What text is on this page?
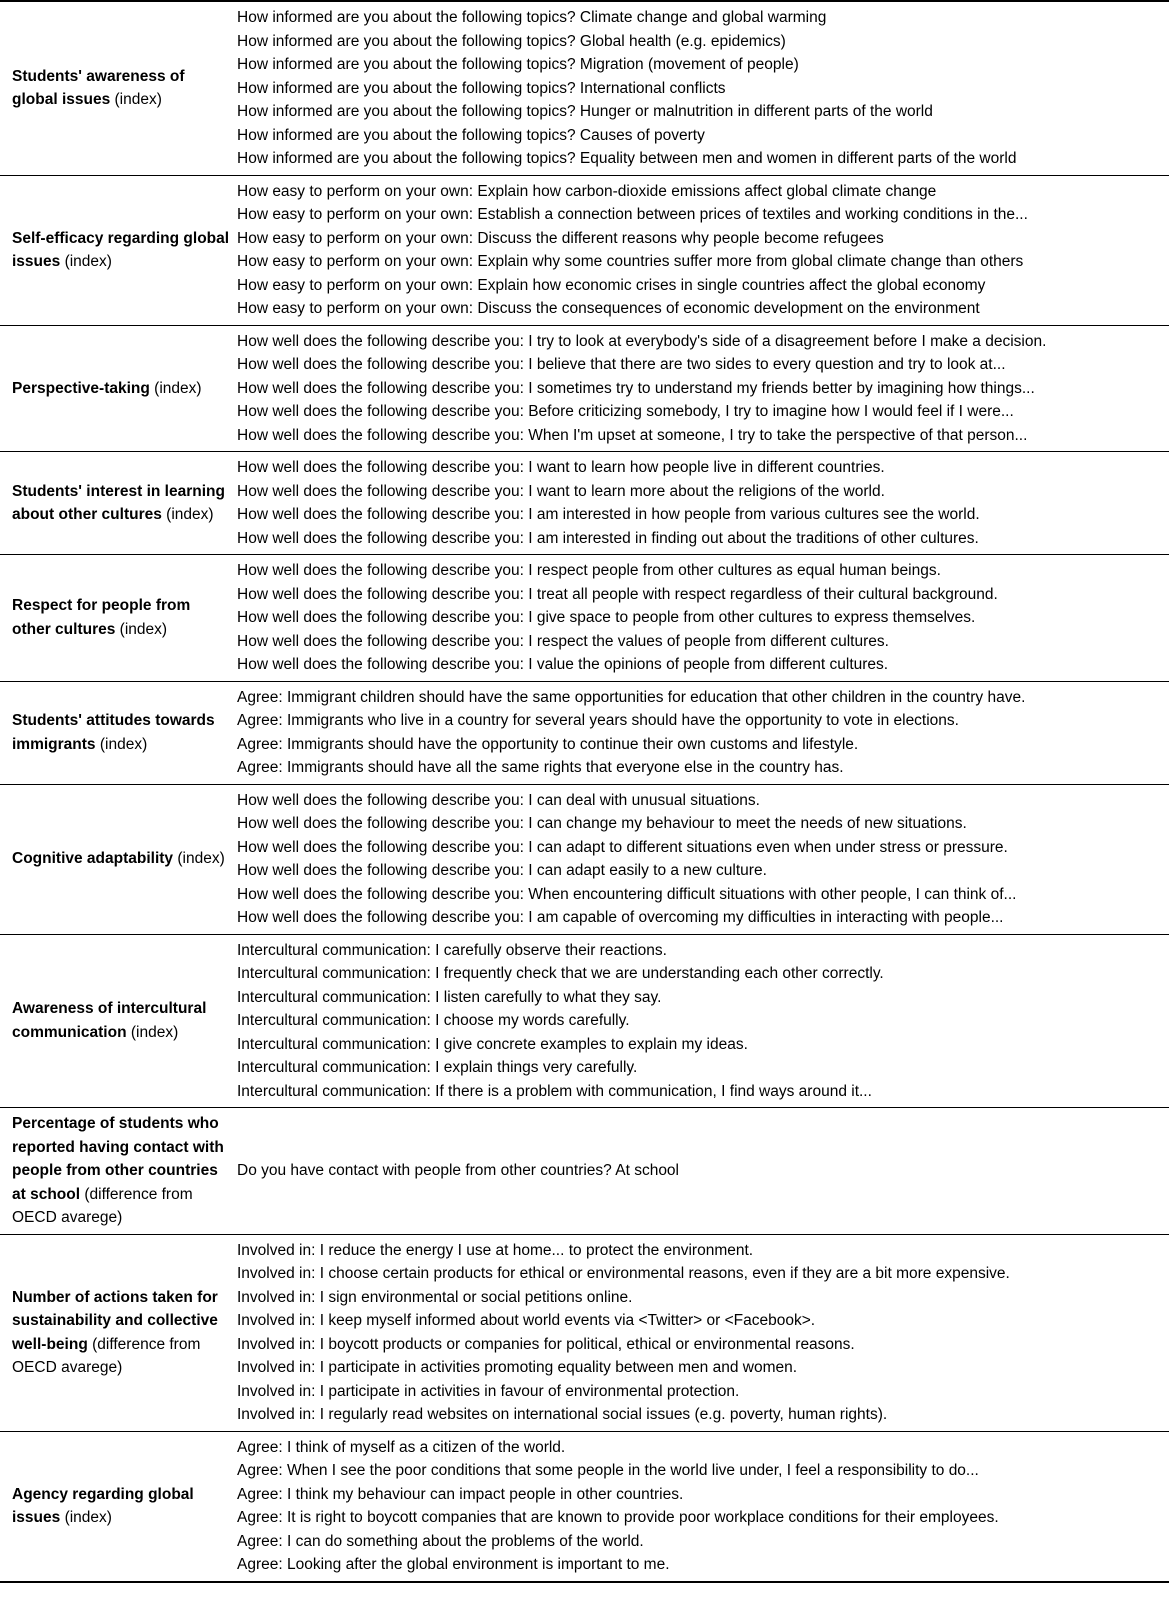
Students' awareness of global issues (index)
How informed are you about the following topics? Climate change and global warming
How informed are you about the following topics? Global health (e.g. epidemics)
How informed are you about the following topics? Migration (movement of people)
How informed are you about the following topics? International conflicts
How informed are you about the following topics? Hunger or malnutrition in different parts of the world
How informed are you about the following topics? Causes of poverty
How informed are you about the following topics? Equality between men and women in different parts of the world
Self-efficacy regarding global issues (index)
How easy to perform on your own: Explain how carbon-dioxide emissions affect global climate change
How easy to perform on your own: Establish a connection between prices of textiles and working conditions in the...
How easy to perform on your own: Discuss the different reasons why people become refugees
How easy to perform on your own: Explain why some countries suffer more from global climate change than others
How easy to perform on your own: Explain how economic crises in single countries affect the global economy
How easy to perform on your own: Discuss the consequences of economic development on the environment
Perspective-taking (index)
How well does the following describe you: I try to look at everybody's side of a disagreement before I make a decision.
How well does the following describe you: I believe that there are two sides to every question and try to look at...
How well does the following describe you: I sometimes try to understand my friends better by imagining how things...
How well does the following describe you: Before criticizing somebody, I try to imagine how I would feel if I were...
How well does the following describe you: When I'm upset at someone, I try to take the perspective of that person...
Students' interest in learning about other cultures (index)
How well does the following describe you: I want to learn how people live in different countries.
How well does the following describe you: I want to learn more about the religions of the world.
How well does the following describe you: I am interested in how people from various cultures see the world.
How well does the following describe you: I am interested in finding out about the traditions of other cultures.
Respect for people from other cultures (index)
How well does the following describe you: I respect people from other cultures as equal human beings.
How well does the following describe you: I treat all people with respect regardless of their cultural background.
How well does the following describe you: I give space to people from other cultures to express themselves.
How well does the following describe you: I respect the values of people from different cultures.
How well does the following describe you: I value the opinions of people from different cultures.
Students' attitudes towards immigrants (index)
Agree: Immigrant children should have the same opportunities for education that other children in the country have.
Agree: Immigrants who live in a country for several years should have the opportunity to vote in elections.
Agree: Immigrants should have the opportunity to continue their own customs and lifestyle.
Agree: Immigrants should have all the same rights that everyone else in the country has.
Cognitive adaptability (index)
How well does the following describe you: I can deal with unusual situations.
How well does the following describe you: I can change my behaviour to meet the needs of new situations.
How well does the following describe you: I can adapt to different situations even when under stress or pressure.
How well does the following describe you: I can adapt easily to a new culture.
How well does the following describe you: When encountering difficult situations with other people, I can think of...
How well does the following describe you: I am capable of overcoming my difficulties in interacting with people...
Awareness of intercultural communication (index)
Intercultural communication: I carefully observe their reactions.
Intercultural communication: I frequently check that we are understanding each other correctly.
Intercultural communication: I listen carefully to what they say.
Intercultural communication: I choose my words carefully.
Intercultural communication: I give concrete examples to explain my ideas.
Intercultural communication: I explain things very carefully.
Intercultural communication: If there is a problem with communication, I find ways around it...
Percentage of students who reported having contact with people from other countries at school (difference from OECD avarege)
Do you have contact with people from other countries? At school
Number of actions taken for sustainability and collective well-being (difference from OECD avarege)
Involved in: I reduce the energy I use at home... to protect the environment.
Involved in: I choose certain products for ethical or environmental reasons, even if they are a bit more expensive.
Involved in: I sign environmental or social petitions online.
Involved in: I keep myself informed about world events via <Twitter> or <Facebook>.
Involved in: I boycott products or companies for political, ethical or environmental reasons.
Involved in: I participate in activities promoting equality between men and women.
Involved in: I participate in activities in favour of environmental protection.
Involved in: I regularly read websites on international social issues (e.g. poverty, human rights).
Agency regarding global issues (index)
Agree: I think of myself as a citizen of the world.
Agree: When I see the poor conditions that some people in the world live under, I feel a responsibility to do...
Agree: I think my behaviour can impact people in other countries.
Agree: It is right to boycott companies that are known to provide poor workplace conditions for their employees.
Agree: I can do something about the problems of the world.
Agree: Looking after the global environment is important to me.
